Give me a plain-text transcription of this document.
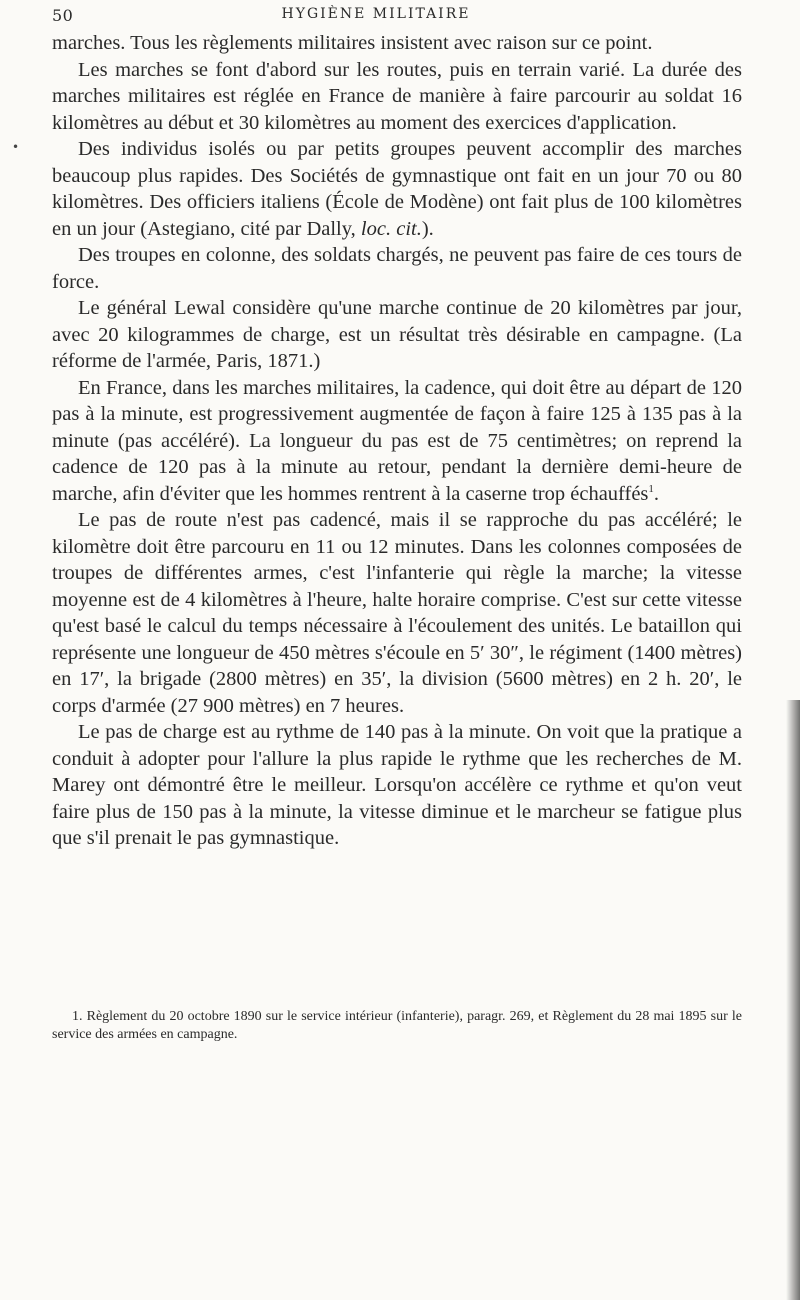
50	HYGIÈNE MILITAIRE
•

marches. Tous les règlements militaires insistent avec raison sur ce point.

Les marches se font d'abord sur les routes, puis en terrain varié. La durée des marches militaires est réglée en France de manière à faire parcourir au soldat 16 kilomètres au début et 30 kilomètres au moment des exercices d'application.

Des individus isolés ou par petits groupes peuvent accomplir des marches beaucoup plus rapides. Des Sociétés de gymnastique ont fait en un jour 70 ou 80 kilomètres. Des officiers italiens (École de Modène) ont fait plus de 100 kilomètres en un jour (Astegiano, cité par Dally, loc. cit.).

Des troupes en colonne, des soldats chargés, ne peuvent pas faire de ces tours de force.

Le général Lewal considère qu'une marche continue de 20 kilomètres par jour, avec 20 kilogrammes de charge, est un résultat très désirable en campagne. (La réforme de l'armée, Paris, 1871.)

En France, dans les marches militaires, la cadence, qui doit être au départ de 120 pas à la minute, est progressivement augmentée de façon à faire 125 à 135 pas à la minute (pas accéléré). La longueur du pas est de 75 centimètres; on reprend la cadence de 120 pas à la minute au retour, pendant la dernière demi-heure de marche, afin d'éviter que les hommes rentrent à la caserne trop échauffés$^1$.

Le pas de route n'est pas cadencé, mais il se rapproche du pas accéléré; le kilomètre doit être parcouru en 11 ou 12 minutes. Dans les colonnes composées de troupes de différentes armes, c'est l'infanterie qui règle la marche; la vitesse moyenne est de 4 kilomètres à l'heure, halte horaire comprise. C'est sur cette vitesse qu'est basé le calcul du temps nécessaire à l'écoulement des unités. Le bataillon qui représente une longueur de 450 mètres s'écoule en 5′ 30″, le régiment (1400 mètres) en 17′, la brigade (2800 mètres) en 35′, la division (5600 mètres) en 2 h. 20′, le corps d'armée (27 900 mètres) en 7 heures.

Le pas de charge est au rythme de 140 pas à la minute. On voit que la pratique a conduit à adopter pour l'allure la plus rapide le rythme que les recherches de M. Marey ont démontré être le meilleur. Lorsqu'on accélère ce rythme et qu'on veut faire plus de 150 pas à la minute, la vitesse diminue et le marcheur se fatigue plus que s'il prenait le pas gymnastique.

1. Règlement du 20 octobre 1890 sur le service intérieur (infanterie), paragr. 269, et Règlement du 28 mai 1895 sur le service des armées en campagne.
